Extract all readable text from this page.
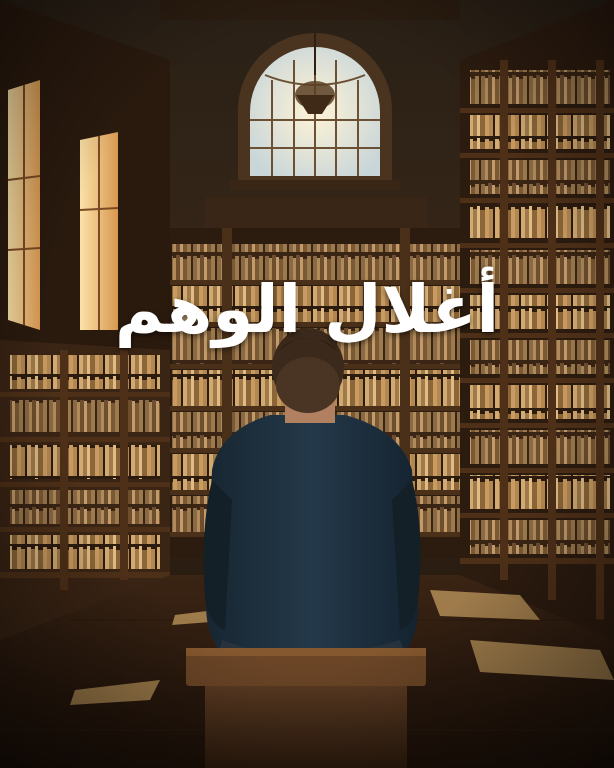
أغلال الوهم
